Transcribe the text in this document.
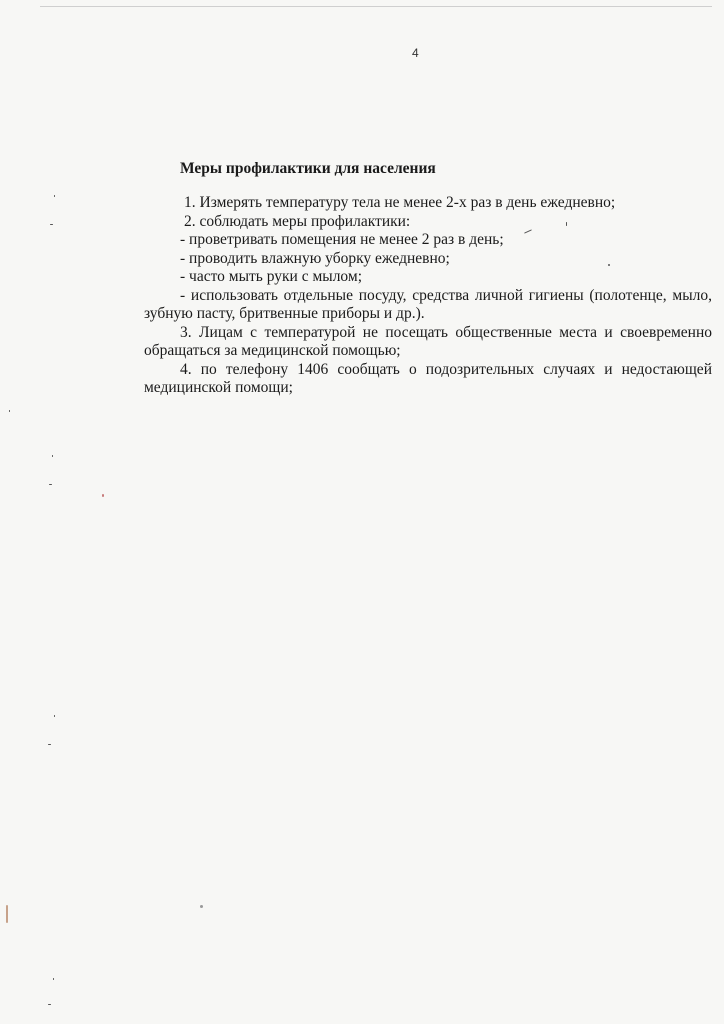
4
Меры профилактики для населения

1. Измерять температуру тела не менее 2-х раз в день ежедневно;

2. соблюдать меры профилактики:

- проветривать помещения не менее 2 раз в день;

- проводить влажную уборку ежедневно;

- часто мыть руки с мылом;

- использовать отдельные посуду, средства личной гигиены (полотенце, мыло, зубную пасту, бритвенные приборы и др.).

3. Лицам с температурой не посещать общественные места и своевременно обращаться за медицинской помощью;

4. по телефону 1406 сообщать о подозрительных случаях и недостающей медицинской помощи;
